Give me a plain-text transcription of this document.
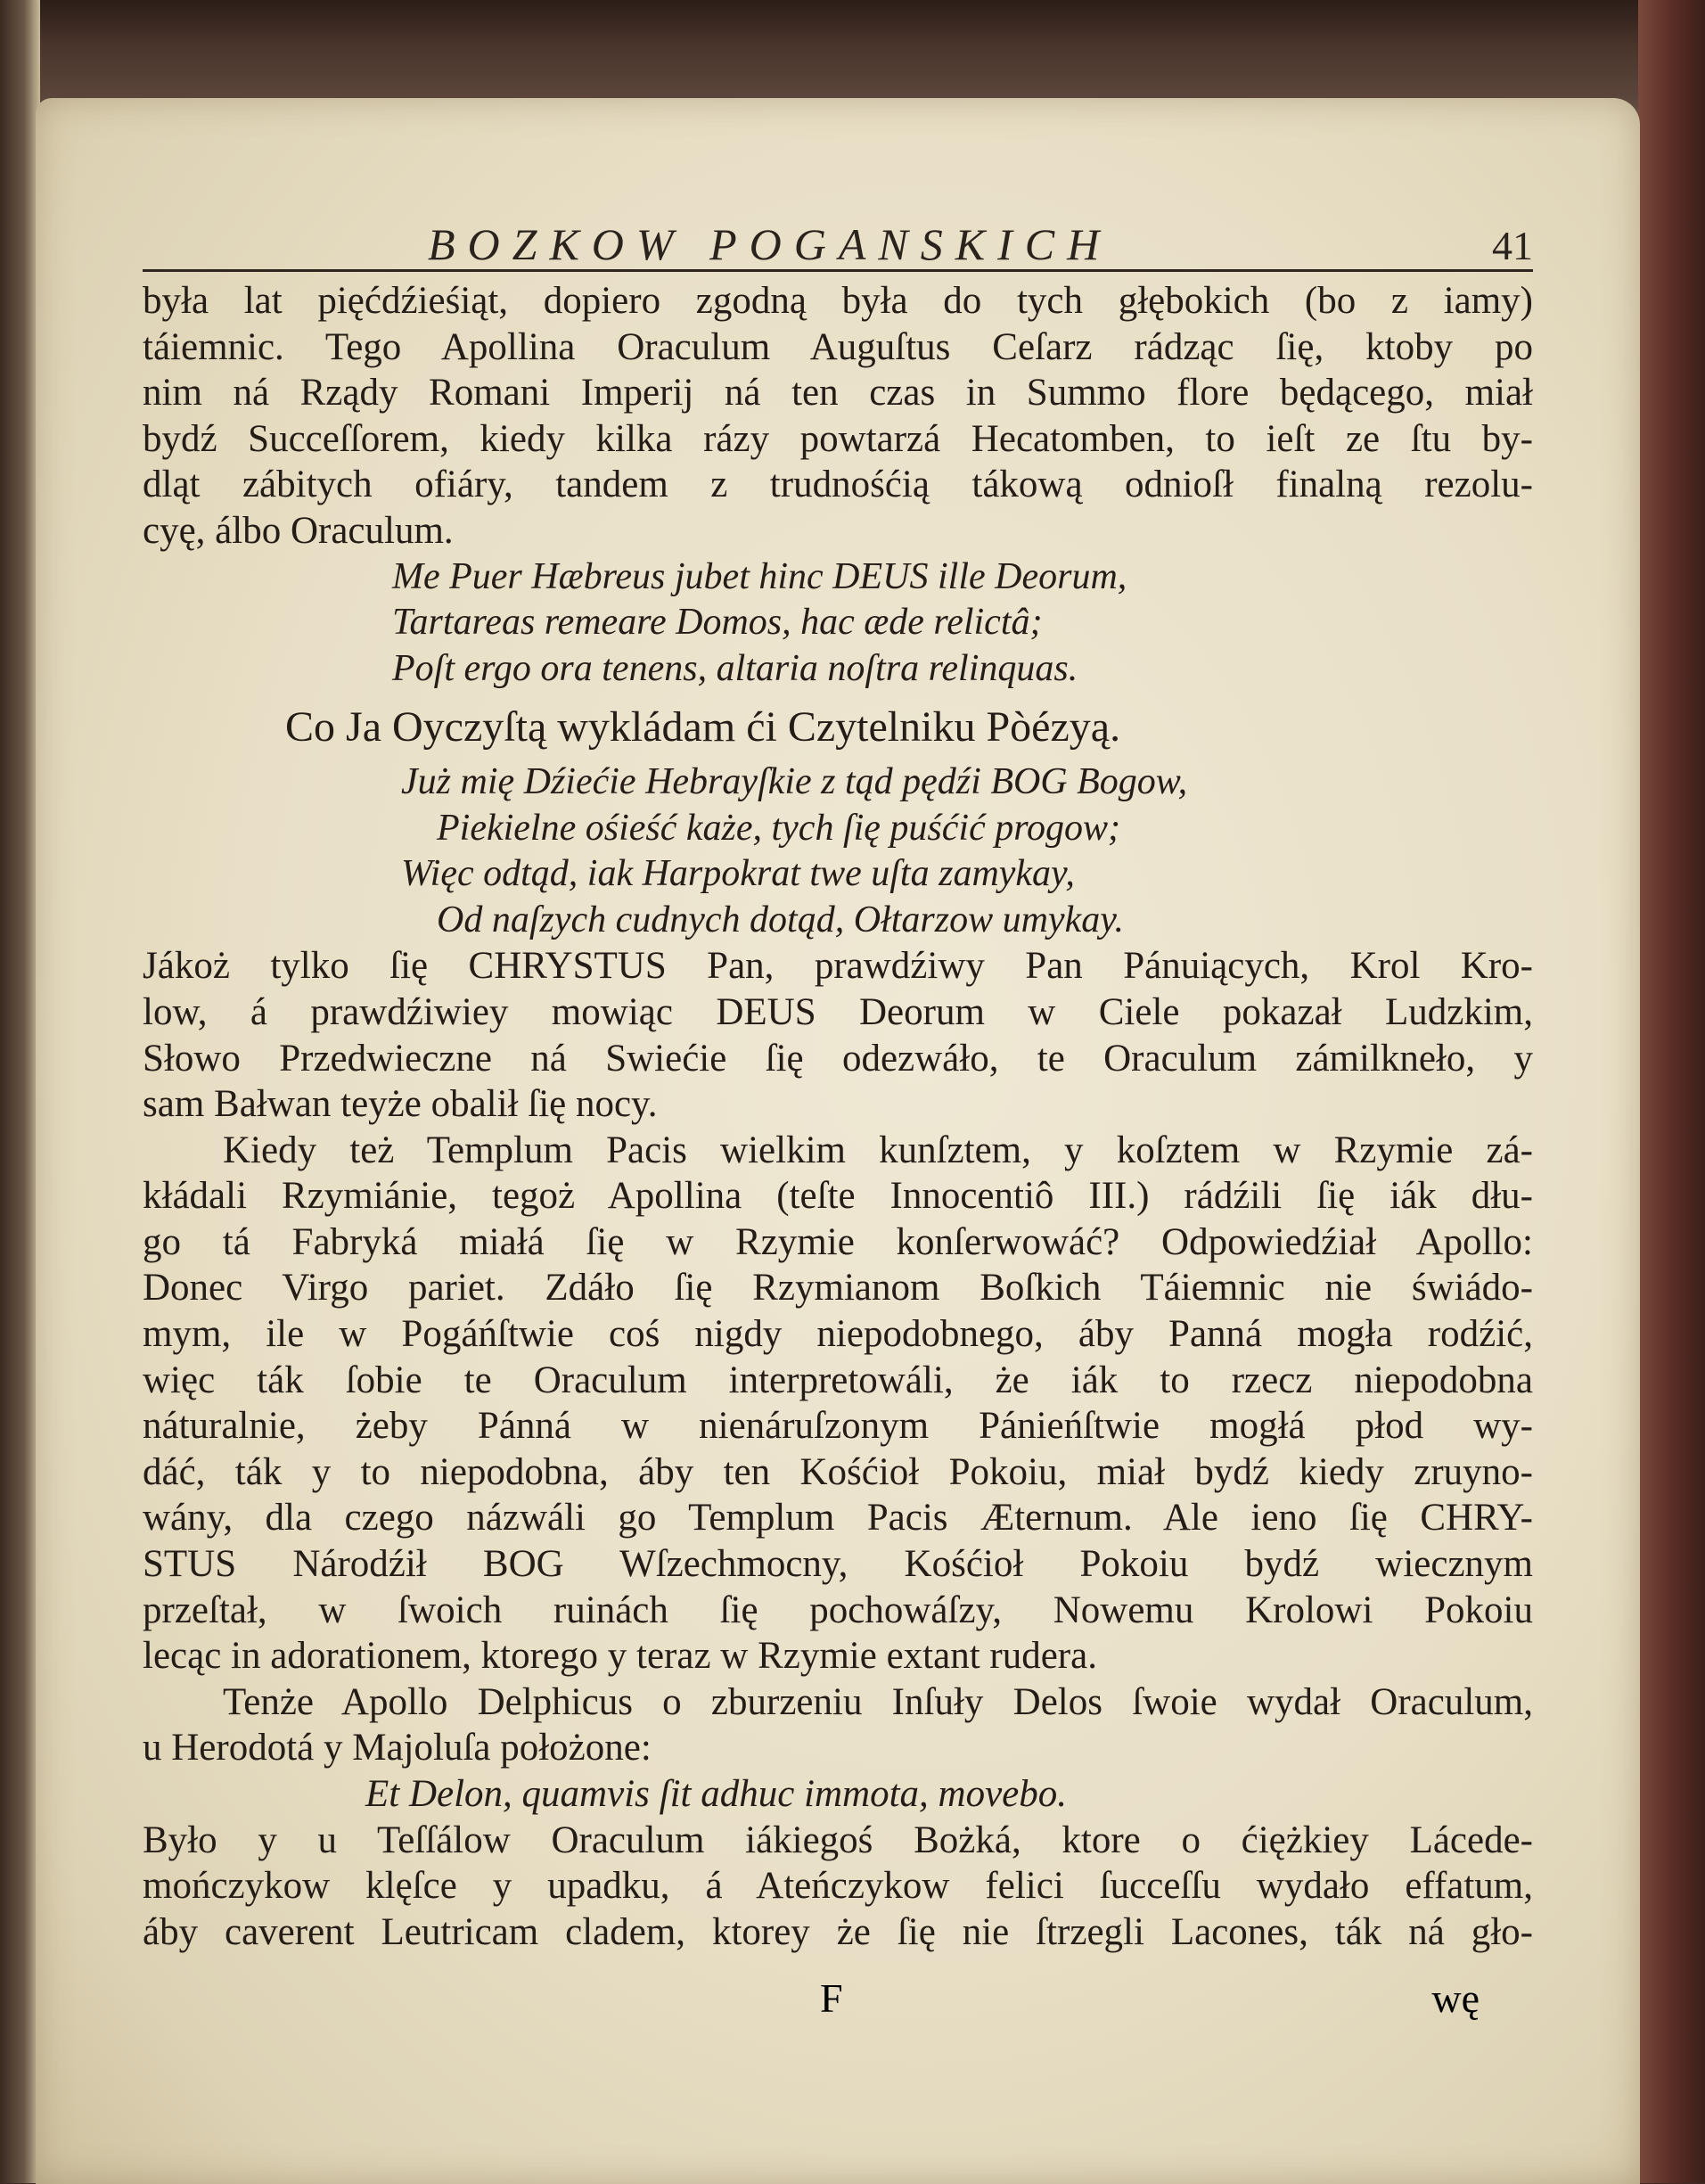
BOZKOW POGANSKICH	41
była lat pięćdźieśiąt, dopiero zgodną była do tych głębokich (bo z iamy)
táiemnic. Tego Apollina Oraculum Auguſtus Ceſarz rádząc ſię, ktoby po
nim ná Rządy Romani Imperij ná ten czas in Summo flore będącego, miał
bydź Succeſſorem, kiedy kilka rázy powtarzá Hecatomben, to ieſt ze ſtu by-
dląt zábitych ofiáry, tandem z trudnośćią tákową odnioſł finalną rezolu-
cyę, álbo Oraculum.
Me Puer Hæbreus jubet hinc DEUS ille Deorum,
Tartareas remeare Domos, hac æde relictâ;
Poſt ergo ora tenens, altaria noſtra relinquas.
Co Ja Oyczyſtą wykládam ći Czytelniku Pòézyą.
Już mię Dźiećie Hebrayſkie z tąd pędźi BOG Bogow,
Piekielne ośieść każe, tych ſię puśćić progow;
Więc odtąd, iak Harpokrat twe uſta zamykay,
Od naſzych cudnych dotąd, Ołtarzow umykay.
Jákoż tylko ſię CHRYSTUS Pan, prawdźiwy Pan Pánuiących, Krol Kro-
low, á prawdźiwiey mowiąc DEUS Deorum w Ciele pokazał Ludzkim,
Słowo Przedwieczne ná Swiećie ſię odezwáło, te Oraculum zámilkneło, y
sam Bałwan teyże obalił ſię nocy.
Kiedy też Templum Pacis wielkim kunſztem, y koſztem w Rzymie zá-
kłádali Rzymiánie, tegoż Apollina (teſte Innocentiô III.) rádźili ſię iák dłu-
go tá Fabryká miałá ſię w Rzymie konſerwowáć? Odpowiedźiał Apollo:
Donec Virgo pariet. Zdáło ſię Rzymianom Boſkich Táiemnic nie świádo-
mym, ile w Pogáńſtwie coś nigdy niepodobnego, áby Panná mogła rodźić,
więc ták ſobie te Oraculum interpretowáli, że iák to rzecz niepodobna
náturalnie, żeby Pánná w nienáruſzonym Pánieńſtwie mogłá płod wy-
dáć, ták y to niepodobna, áby ten Kośćioł Pokoiu, miał bydź kiedy zruyno-
wány, dla czego názwáli go Templum Pacis Æternum. Ale ieno ſię CHRY-
STUS Národźił BOG Wſzechmocny, Kośćioł Pokoiu bydź wiecznym
przeſtał, w ſwoich ruinách ſię pochowáſzy, Nowemu Krolowi Pokoiu
lecąc in adorationem, ktorego y teraz w Rzymie extant rudera.
Tenże Apollo Delphicus o zburzeniu Inſuły Delos ſwoie wydał Oraculum,
u Herodotá y Majoluſa położone:
Et Delon, quamvis ſit adhuc immota, movebo.
Było y u Teſſálow Oraculum iákiegoś Bożká, ktore o ćiężkiey Lácede-
mończykow klęſce y upadku, á Ateńczykow felici ſucceſſu wydało effatum,
áby caverent Leutricam cladem, ktorey że ſię nie ſtrzegli Lacones, ták ná gło-
F	wę
